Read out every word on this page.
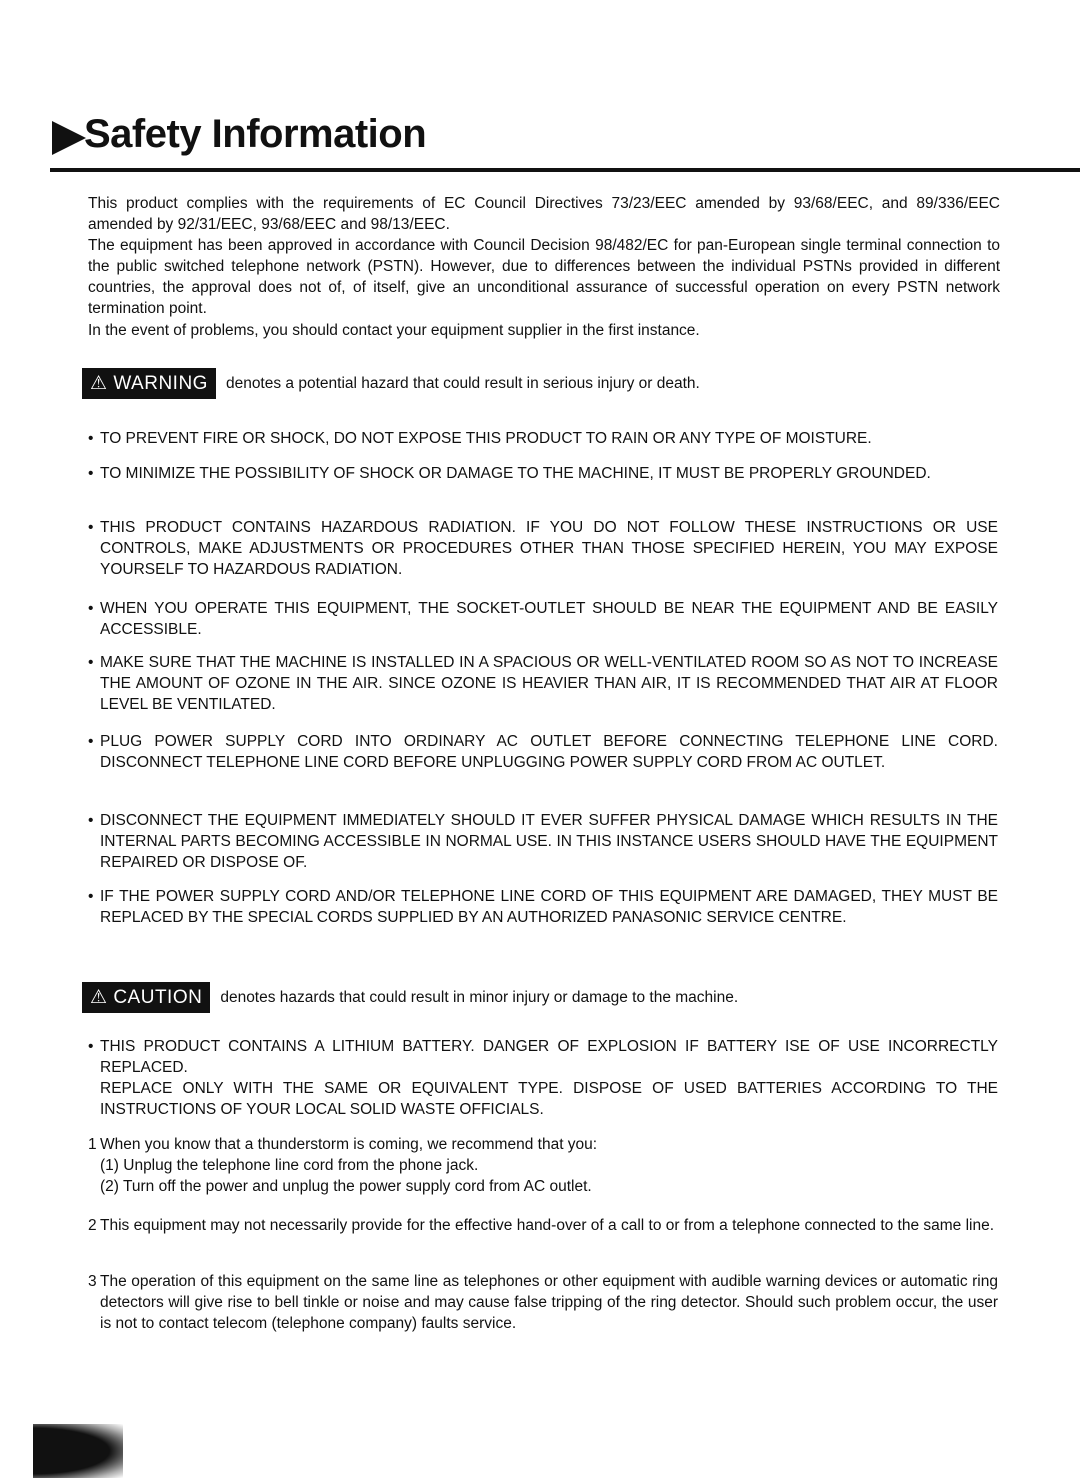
Safety Information

This product complies with the requirements of EC Council Directives 73/23/EEC amended by 93/68/EEC, and 89/336/EEC amended by 92/31/EEC, 93/68/EEC and 98/13/EEC.

The equipment has been approved in accordance with Council Decision 98/482/EC for pan-European single terminal connection to the public switched telephone network (PSTN). However, due to differences between the individual PSTNs provided in different countries, the approval does not of, of itself, give an unconditional assurance of successful operation on every PSTN network termination point.

In the event of problems, you should contact your equipment supplier in the first instance.

⚠ WARNING	denotes a potential hazard that could result in serious injury or death.
• TO PREVENT FIRE OR SHOCK, DO NOT EXPOSE THIS PRODUCT TO RAIN OR ANY TYPE OF MOISTURE.
• TO MINIMIZE THE POSSIBILITY OF SHOCK OR DAMAGE TO THE MACHINE, IT MUST BE PROPERLY GROUNDED.
• THIS PRODUCT CONTAINS HAZARDOUS RADIATION. IF YOU DO NOT FOLLOW THESE INSTRUCTIONS OR USE CONTROLS, MAKE ADJUSTMENTS OR PROCEDURES OTHER THAN THOSE SPECIFIED HEREIN, YOU MAY EXPOSE YOURSELF TO HAZARDOUS RADIATION.
• WHEN YOU OPERATE THIS EQUIPMENT, THE SOCKET-OUTLET SHOULD BE NEAR THE EQUIPMENT AND BE EASILY ACCESSIBLE.
• MAKE SURE THAT THE MACHINE IS INSTALLED IN A SPACIOUS OR WELL-VENTILATED ROOM SO AS NOT TO INCREASE THE AMOUNT OF OZONE IN THE AIR. SINCE OZONE IS HEAVIER THAN AIR, IT IS RECOMMENDED THAT AIR AT FLOOR LEVEL BE VENTILATED.
• PLUG POWER SUPPLY CORD INTO ORDINARY AC OUTLET BEFORE CONNECTING TELEPHONE LINE CORD. DISCONNECT TELEPHONE LINE CORD BEFORE UNPLUGGING POWER SUPPLY CORD FROM AC OUTLET.
• DISCONNECT THE EQUIPMENT IMMEDIATELY SHOULD IT EVER SUFFER PHYSICAL DAMAGE WHICH RESULTS IN THE INTERNAL PARTS BECOMING ACCESSIBLE IN NORMAL USE. IN THIS INSTANCE USERS SHOULD HAVE THE EQUIPMENT REPAIRED OR DISPOSE OF.
• IF THE POWER SUPPLY CORD AND/OR TELEPHONE LINE CORD OF THIS EQUIPMENT ARE DAMAGED, THEY MUST BE REPLACED BY THE SPECIAL CORDS SUPPLIED BY AN AUTHORIZED PANASONIC SERVICE CENTRE.
⚠ CAUTION	denotes hazards that could result in minor injury or damage to the machine.
• THIS PRODUCT CONTAINS A LITHIUM BATTERY. DANGER OF EXPLOSION IF BATTERY ISE OF USE INCORRECTLY REPLACED.
REPLACE ONLY WITH THE SAME OR EQUIVALENT TYPE. DISPOSE OF USED BATTERIES ACCORDING TO THE INSTRUCTIONS OF YOUR LOCAL SOLID WASTE OFFICIALS.
1 When you know that a thunderstorm is coming, we recommend that you:
(1) Unplug the telephone line cord from the phone jack.
(2) Turn off the power and unplug the power supply cord from AC outlet.
2 This equipment may not necessarily provide for the effective hand-over of a call to or from a telephone connected to the same line.
3 The operation of this equipment on the same line as telephones or other equipment with audible warning devices or automatic ring detectors will give rise to bell tinkle or noise and may cause false tripping of the ring detector. Should such problem occur, the user is not to contact telecom (telephone company) faults service.
